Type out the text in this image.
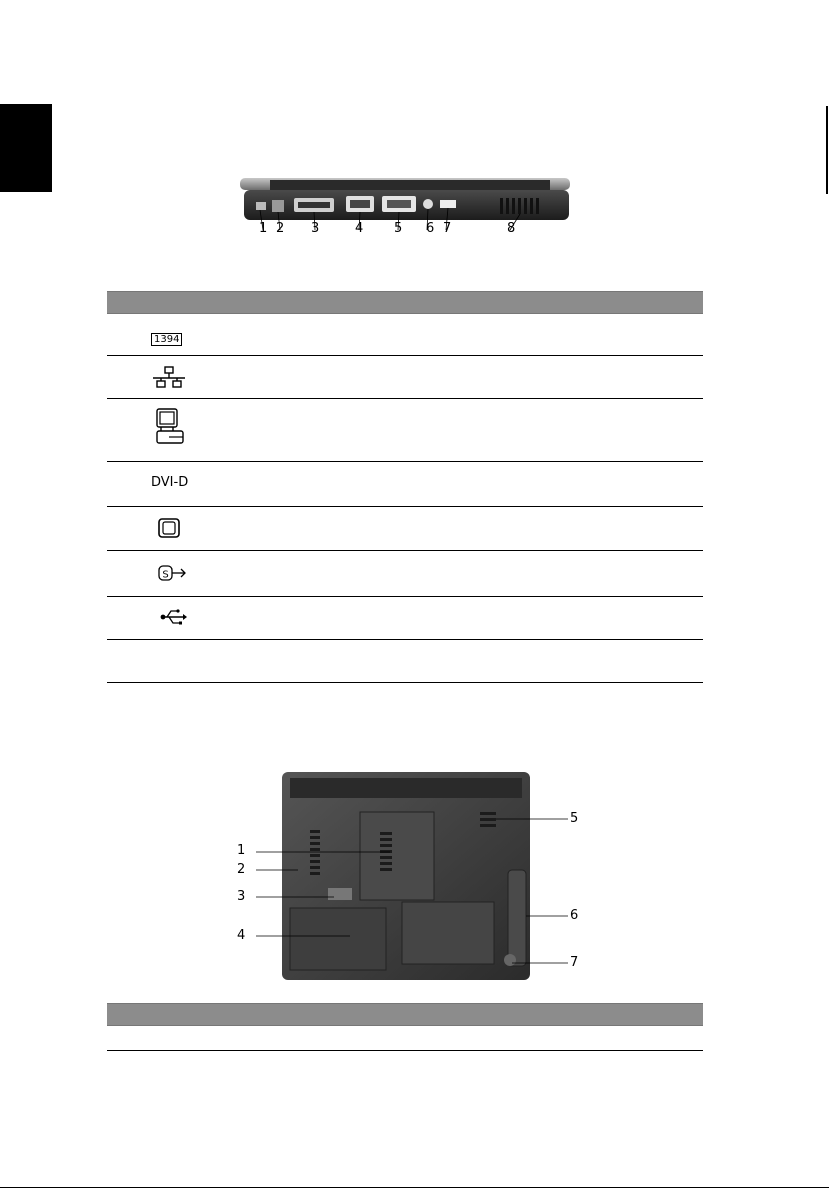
1 2 3	4 5 6 7	8
1394
DVI-D
S
1
2
3
4
5
6
7
